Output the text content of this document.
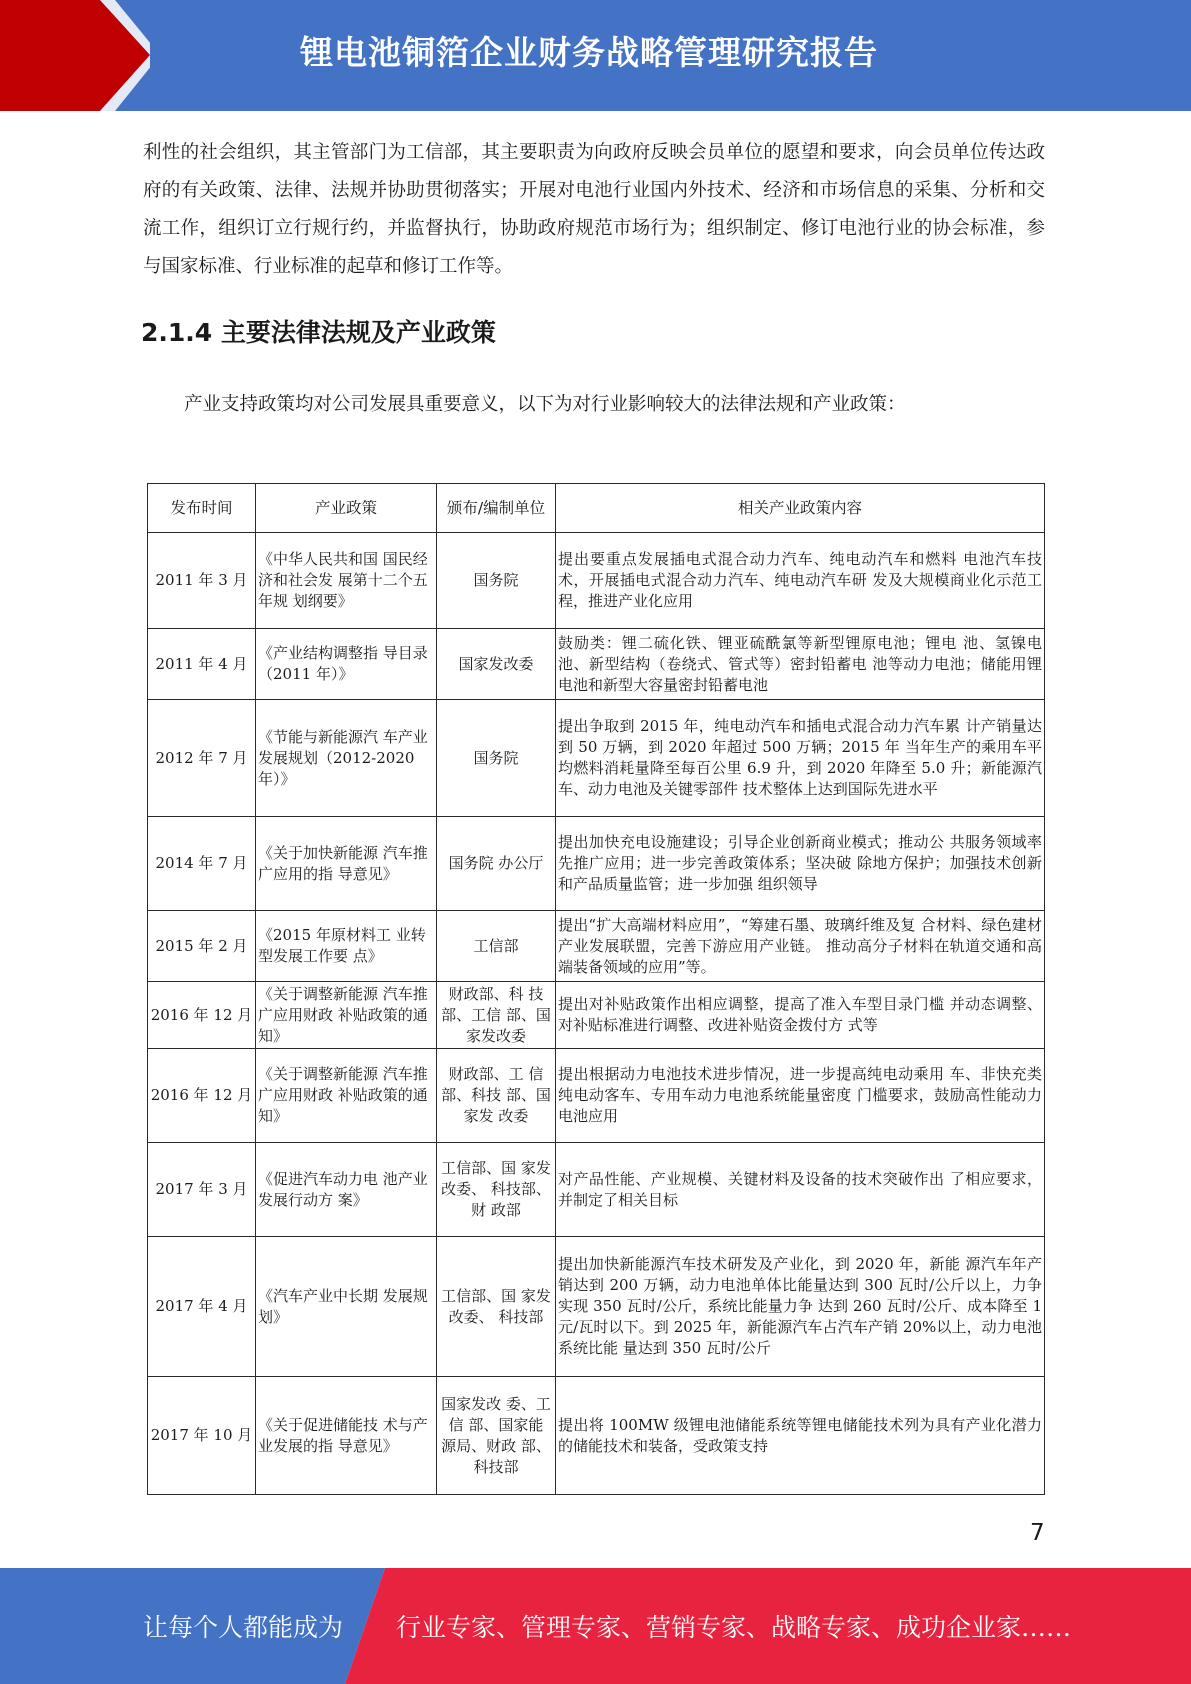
锂电池铜箔企业财务战略管理研究报告
利性的社会组织，其主管部门为工信部，其主要职责为向政府反映会员单位的愿望和要求，向会员单位传达政府的有关政策、法律、法规并协助贯彻落实；开展对电池行业国内外技术、经济和市场信息的采集、分析和交流工作，组织订立行规行约，并监督执行，协助政府规范市场行为；组织制定、修订电池行业的协会标准，参与国家标准、行业标准的起草和修订工作等。
2.1.4 主要法律法规及产业政策
产业支持政策均对公司发展具重要意义，以下为对行业影响较大的法律法规和产业政策：
发布时间	产业政策	颁布/编制单位	相关产业政策内容

2011 年 3 月	《中华人民共和国 国民经济和社会发 展第十二个五年规 划纲要》	国务院	提出要重点发展插电式混合动力汽车、纯电动汽车和燃料 电池汽车技术，开展插电式混合动力汽车、纯电动汽车研 发及大规模商业化示范工程，推进产业化应用

2011 年 4 月	《产业结构调整指 导目录（2011 年）》	国家发改委	鼓励类：锂二硫化铁、锂亚硫酰氯等新型锂原电池；锂电 池、氢镍电池、新型结构（卷绕式、管式等）密封铅蓄电 池等动力电池；储能用锂电池和新型大容量密封铅蓄电池

2012 年 7 月	《节能与新能源汽 车产业发展规划（2012-2020 年）》	国务院	提出争取到 2015 年，纯电动汽车和插电式混合动力汽车累 计产销量达到 50 万辆，到 2020 年超过 500 万辆；2015 年 当年生产的乘用车平均燃料消耗量降至每百公里 6.9 升，到 2020 年降至 5.0 升；新能源汽车、动力电池及关键零部件 技术整体上达到国际先进水平

2014 年 7 月	《关于加快新能源 汽车推广应用的指 导意见》	国务院 办公厅	提出加快充电设施建设；引导企业创新商业模式；推动公 共服务领域率先推广应用；进一步完善政策体系；坚决破 除地方保护；加强技术创新和产品质量监管；进一步加强 组织领导

2015 年 2 月	《2015 年原材料工 业转型发展工作要 点》	工信部	提出“扩大高端材料应用”，“筹建石墨、玻璃纤维及复 合材料、绿色建材产业发展联盟，完善下游应用产业链。 推动高分子材料在轨道交通和高端装备领域的应用”等。

2016 年 12 月	《关于调整新能源 汽车推广应用财政 补贴政策的通知》	财政部、科 技部、工信 部、国家发改委	提出对补贴政策作出相应调整，提高了准入车型目录门槛 并动态调整、对补贴标准进行调整、改进补贴资金拨付方 式等

2016 年 12 月	《关于调整新能源 汽车推广应用财政 补贴政策的通知》	财政部、工 信部、科技 部、国家发 改委	提出根据动力电池技术进步情况，进一步提高纯电动乘用 车、非快充类纯电动客车、专用车动力电池系统能量密度 门槛要求，鼓励高性能动力电池应用

2017 年 3 月	《促进汽车动力电 池产业发展行动方 案》	工信部、国 家发改委、 科技部、财 政部	对产品性能、产业规模、关键材料及设备的技术突破作出 了相应要求，并制定了相关目标

2017 年 4 月	《汽车产业中长期 发展规划》	工信部、国 家发改委、 科技部	提出加快新能源汽车技术研发及产业化，到 2020 年，新能 源汽车年产销达到 200 万辆，动力电池单体比能量达到 300 瓦时/公斤以上，力争实现 350 瓦时/公斤，系统比能量力争 达到 260 瓦时/公斤、成本降至 1 元/瓦时以下。到 2025 年，新能源汽车占汽车产销 20%以上，动力电池系统比能 量达到 350 瓦时/公斤

2017 年 10 月	《关于促进储能技 术与产业发展的指 导意见》	国家发改 委、工信 部、国家能 源局、财政 部、科技部	提出将 100MW 级锂电池储能系统等锂电储能技术列为具有产业化潜力的储能技术和装备，受政策支持
7
让每个人都能成为 行业专家、管理专家、营销专家、战略专家、成功企业家……
